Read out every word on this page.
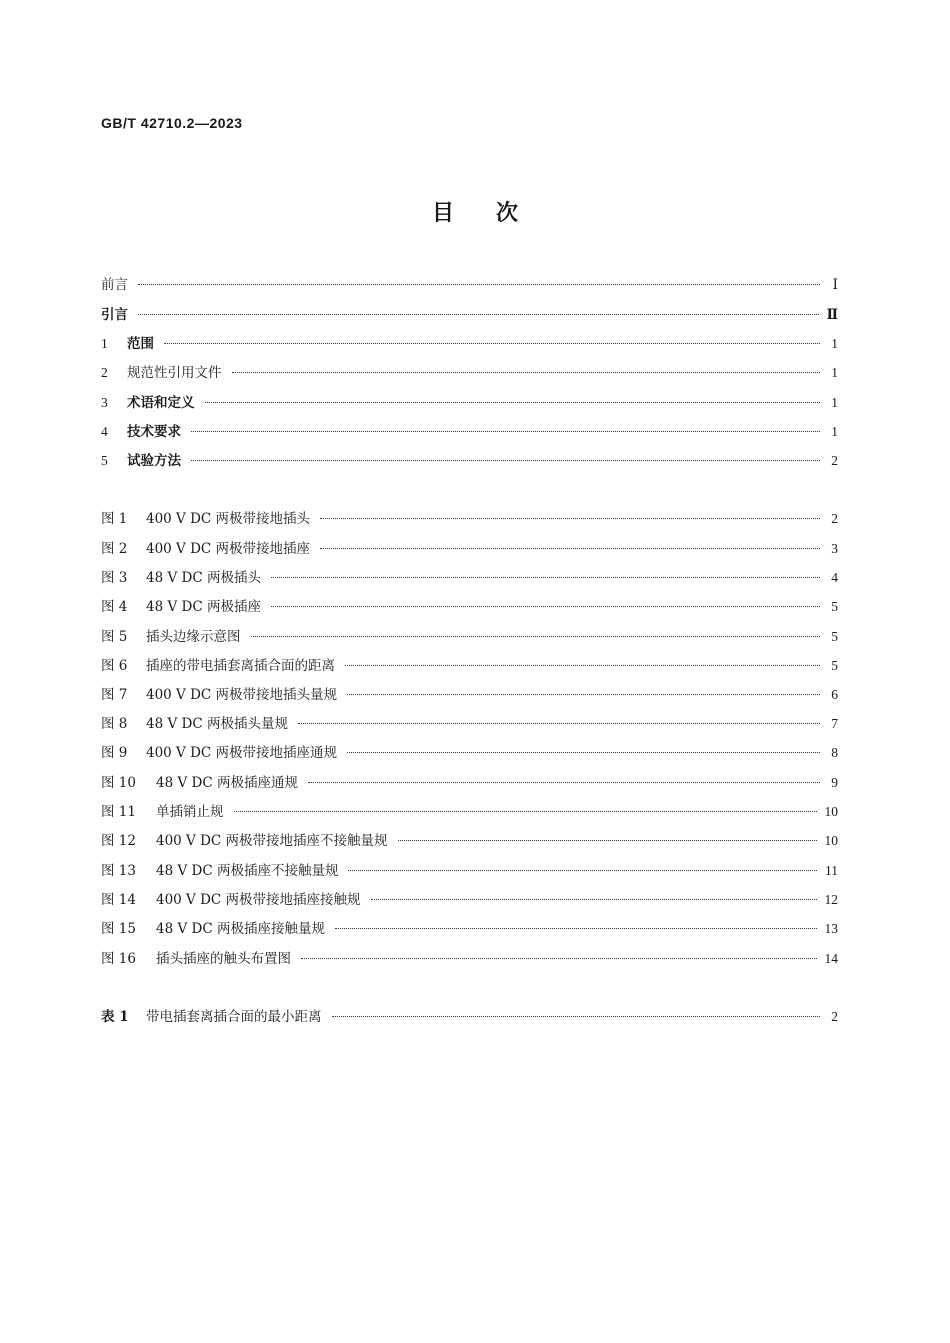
GB/T 42710.2—2023
目次
前言	Ⅰ
引言	Ⅱ
1	范围	1
2	规范性引用文件	1
3	术语和定义	1
4	技术要求	1
5	试验方法	2
图 1	400 V DC 两极带接地插头	2
图 2	400 V DC 两极带接地插座	3
图 3	48 V DC 两极插头	4
图 4	48 V DC 两极插座	5
图 5	插头边缘示意图	5
图 6	插座的带电插套离插合面的距离	5
图 7	400 V DC 两极带接地插头量规	6
图 8	48 V DC 两极插头量规	7
图 9	400 V DC 两极带接地插座通规	8
图 10	48 V DC 两极插座通规	9
图 11	单插销止规	10
图 12	400 V DC 两极带接地插座不接触量规	10
图 13	48 V DC 两极插座不接触量规	11
图 14	400 V DC 两极带接地插座接触规	12
图 15	48 V DC 两极插座接触量规	13
图 16	插头插座的触头布置图	14
表 1	带电插套离插合面的最小距离	2
